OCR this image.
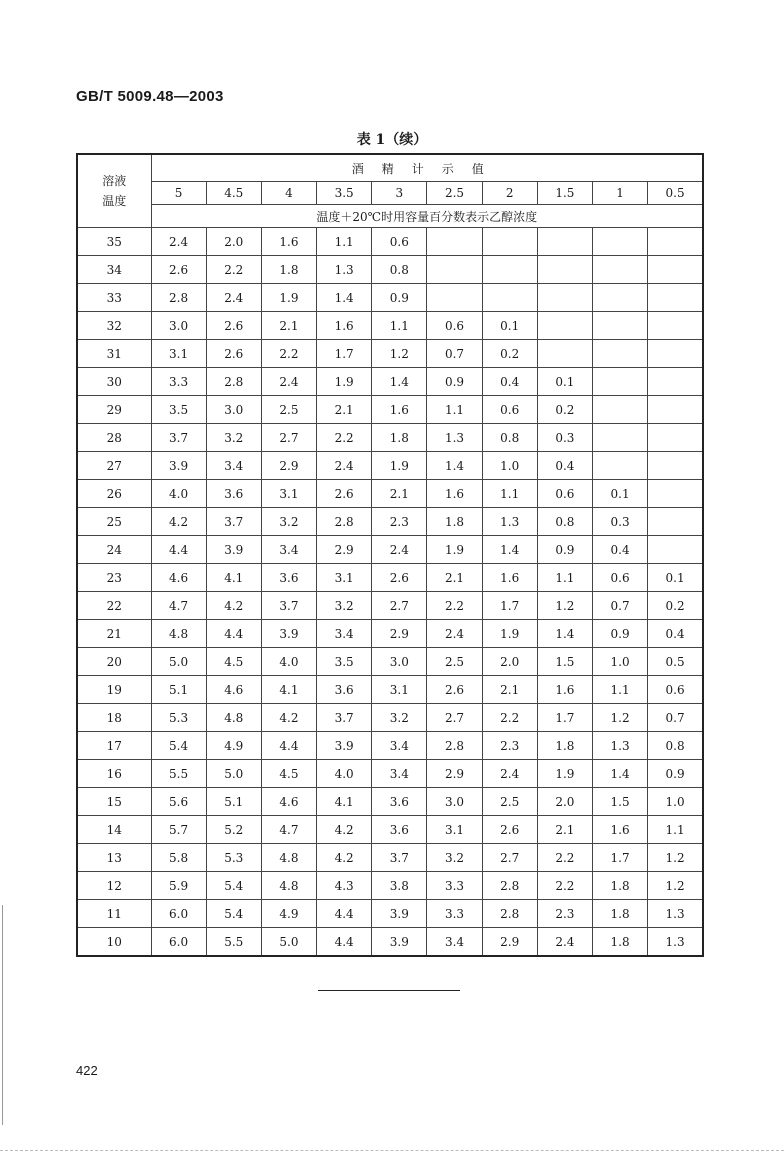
GB/T 5009.48—2003
表 1（续）
溶液
温度	酒精计示值									
	5	4.5	4	3.5	3	2.5	2	1.5	1	0.5
	温度＋20℃时用容量百分数表示乙醇浓度									
35	2.4	2.0	1.6	1.1	0.6					
34	2.6	2.2	1.8	1.3	0.8					
33	2.8	2.4	1.9	1.4	0.9					
32	3.0	2.6	2.1	1.6	1.1	0.6	0.1			
31	3.1	2.6	2.2	1.7	1.2	0.7	0.2			
30	3.3	2.8	2.4	1.9	1.4	0.9	0.4	0.1		
29	3.5	3.0	2.5	2.1	1.6	1.1	0.6	0.2		
28	3.7	3.2	2.7	2.2	1.8	1.3	0.8	0.3		
27	3.9	3.4	2.9	2.4	1.9	1.4	1.0	0.4		
26	4.0	3.6	3.1	2.6	2.1	1.6	1.1	0.6	0.1	
25	4.2	3.7	3.2	2.8	2.3	1.8	1.3	0.8	0.3	
24	4.4	3.9	3.4	2.9	2.4	1.9	1.4	0.9	0.4	
23	4.6	4.1	3.6	3.1	2.6	2.1	1.6	1.1	0.6	0.1
22	4.7	4.2	3.7	3.2	2.7	2.2	1.7	1.2	0.7	0.2
21	4.8	4.4	3.9	3.4	2.9	2.4	1.9	1.4	0.9	0.4
20	5.0	4.5	4.0	3.5	3.0	2.5	2.0	1.5	1.0	0.5
19	5.1	4.6	4.1	3.6	3.1	2.6	2.1	1.6	1.1	0.6
18	5.3	4.8	4.2	3.7	3.2	2.7	2.2	1.7	1.2	0.7
17	5.4	4.9	4.4	3.9	3.4	2.8	2.3	1.8	1.3	0.8
16	5.5	5.0	4.5	4.0	3.4	2.9	2.4	1.9	1.4	0.9
15	5.6	5.1	4.6	4.1	3.6	3.0	2.5	2.0	1.5	1.0
14	5.7	5.2	4.7	4.2	3.6	3.1	2.6	2.1	1.6	1.1
13	5.8	5.3	4.8	4.2	3.7	3.2	2.7	2.2	1.7	1.2
12	5.9	5.4	4.8	4.3	3.8	3.3	2.8	2.2	1.8	1.2
11	6.0	5.4	4.9	4.4	3.9	3.3	2.8	2.3	1.8	1.3
10	6.0	5.5	5.0	4.4	3.9	3.4	2.9	2.4	1.8	1.3
422
